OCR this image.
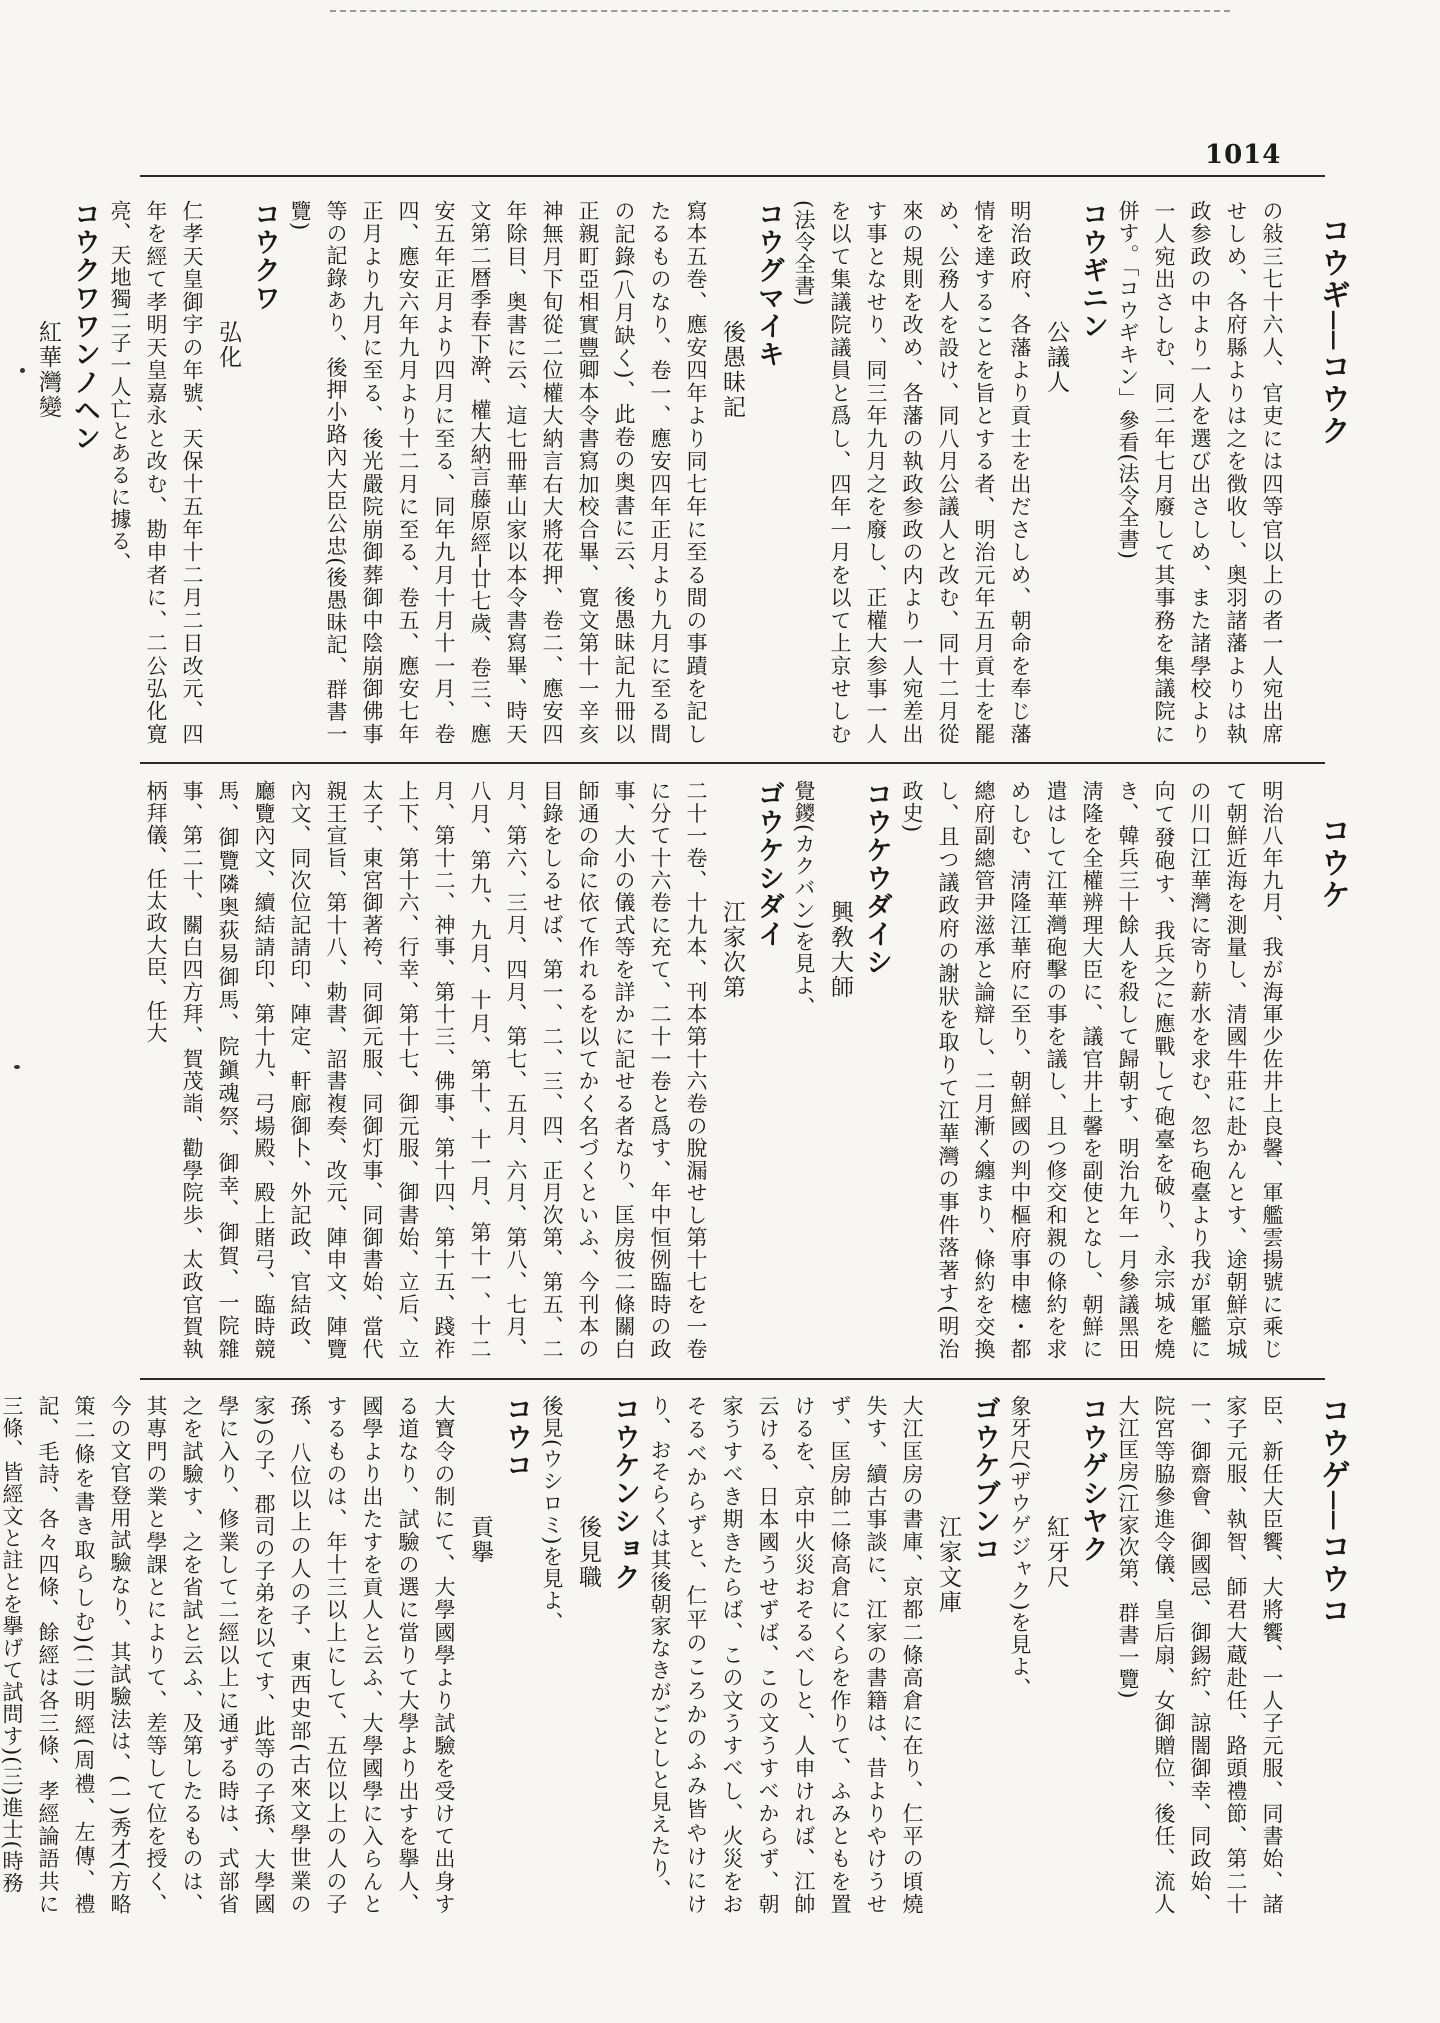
1014
コウギ──コウク
コウケ
コウゲ──コウコ
の敍三七十六人、官吏には四等官以上の者一人宛出席せしめ、各府縣よりは之を徴收し、奥羽諸藩よりは執政参政の中より一人を選び出さしめ、また諸學校より一人宛出さしむ、同二年七月廢して其事務を集議院に併す。「コウギキン」參看(法令全書)
コウギニン
公議人
明治政府、各藩より貢士を出ださしめ、朝命を奉じ藩情を達することを旨とする者、明治元年五月貢士を罷め、公務人を設け、同八月公議人と改む、同十二月從來の規則を改め、各藩の執政参政の内より一人宛差出す事となせり、同三年九月之を廢し、正權大参事一人を以て集議院議員と爲し、四年一月を以て上京せしむ(法令全書)
コウグマイキ
後愚昧記
寫本五巻、應安四年より同七年に至る間の事蹟を記したるものなり、卷一、應安四年正月より九月に至る間の記錄(八月缺く)、此卷の奥書に云、後愚昧記九冊以正親町亞相實豐卿本令書寫加校合畢、寛文第十一辛亥神無月下旬從二位權大納言右大將花押、卷二、應安四年除目、奥書に云、這七冊華山家以本令書寫畢、時天文第二暦季春下澣、權大納言藤原經─廿七歲、卷三、應安五年正月より四月に至る、同年九月十月十一月、卷四、應安六年九月より十二月に至る、卷五、應安七年正月より九月に至る、後光嚴院崩御葬御中陰崩御佛事等の記錄あり、後押小路內大臣公忠(後愚昧記、群書一覽)
コウクワ
弘化
仁孝天皇御宇の年號、天保十五年十二月二日改元、四年を經て孝明天皇嘉永と改む、勘申者に、二公弘化寛亮、天地獨二子一人亡とあるに據る、
コウクワワンノヘン
紅華灣變
明治八年九月、我が海軍少佐井上良馨、軍艦雲揚號に乘じて朝鮮近海を測量し、清國牛莊に赴かんとす、途朝鮮京城の川口江華灣に寄り薪水を求む、忽ち砲臺より我が軍艦に向て發砲す、我兵之に應戰して砲臺を破り、永宗城を燒き、韓兵三十餘人を殺して歸朝す、明治九年一月參議黑田淸隆を全權辨理大臣に、議官井上馨を副使となし、朝鮮に遣はして江華灣砲擊の事を議し、且つ修交和親の條約を求めしむ、淸隆江華府に至り、朝鮮國の判中樞府事申櫶・都總府副總管尹滋承と論辯し、二月漸く纏まり、條約を交換し、且つ議政府の謝狀を取りて江華灣の事件落著す(明治政史)
コウケウダイシ
興敎大師
覺鑁(カクバン)を見よ、
ゴウケシダイ
江家次第
二十一卷、十九本、刊本第十六卷の脫漏せし第十七を一卷に分て十六卷に充て、二十一卷と爲す、年中恒例臨時の政事、大小の儀式等を詳かに記せる者なり、匡房彼二條關白師通の命に依て作れるを以てかく名づくといふ、今刊本の目錄をしるせば、第一、二、三、四、正月次第、第五、二月、第六、三月、四月、第七、五月、六月、第八、七月、八月、第九、九月、十月、第十、十一月、第十一、十二月、第十二、神事、第十三、佛事、第十四、第十五、踐祚上下、第十六、行幸、第十七、御元服、御書始、立后、立太子、東宮御著袴、同御元服、同御灯事、同御書始、當代親王宣旨、第十八、勅書、詔書複奏、改元、陣申文、陣覽內文、同次位記請印、陣定、軒廊御卜、外記政、官結政、廳覽內文、續結請印、第十九、弓場殿、殿上賭弓、臨時競馬、御覽隣奥荻易御馬、院鎭魂祭、御幸、御賀、一院雜事、第二十、關白四方拜、賀茂詣、勸學院歩、太政官賀執柄拜儀、任太政大臣、任大
臣、新任大臣饗、大將饗、一人子元服、同書始、諸家子元服、執智、師君大蔵赴任、路頭禮節、第二十一、御齋會、御國忌、御錫紵、諒闇御幸、同政始、院宮等脇參進令儀、皇后扇、女御贈位、後任、流人大江匡房(江家次第、群書一覽)
コウゲシヤク
紅牙尺
象牙尺(ザウゲジャク)を見よ、
ゴウケブンコ
江家文庫
大江匡房の書庫、京都二條高倉に在り、仁平の頃燒失す、續古事談に、江家の書籍は、昔よりやけうせず、匡房帥二條高倉にくらを作りて、ふみともを置けるを、京中火災おそるべしと、人申ければ、江帥云ける、日本國うせずば、この文うすべからず、朝家うすべき期きたらば、この文うすべし、火災をおそるべからずと、仁平のころかのふみ皆やけにけり、おそらくは其後朝家なきがごとしと見えたり、
コウケンショク
後見職
後見(ウシロミ)を見よ、
コウコ
貢擧
大寶令の制にて、大學國學より試驗を受けて出身する道なり、試驗の選に當りて大學より出すを擧人、國學より出たすを貢人と云ふ、大學國學に入らんとするものは、年十三以上にして、五位以上の人の子孫、八位以上の人の子、東西史部(古來文學世業の家)の子、郡司の子弟を以てす、此等の子孫、大學國學に入り、修業して二經以上に通ずる時は、式部省之を試驗す、之を省試と云ふ、及第したるものは、其專門の業と學課とによりて、差等して位を授く、今の文官登用試驗なり、其試驗法は、(一)秀才(方略策二條を書き取らしむ)(二)明經(周禮、左傳、禮記、毛詩、各々四條、餘經は各三條、孝經論語共に三條、皆經文と註とを擧げて試問す)(三)進士(時務
